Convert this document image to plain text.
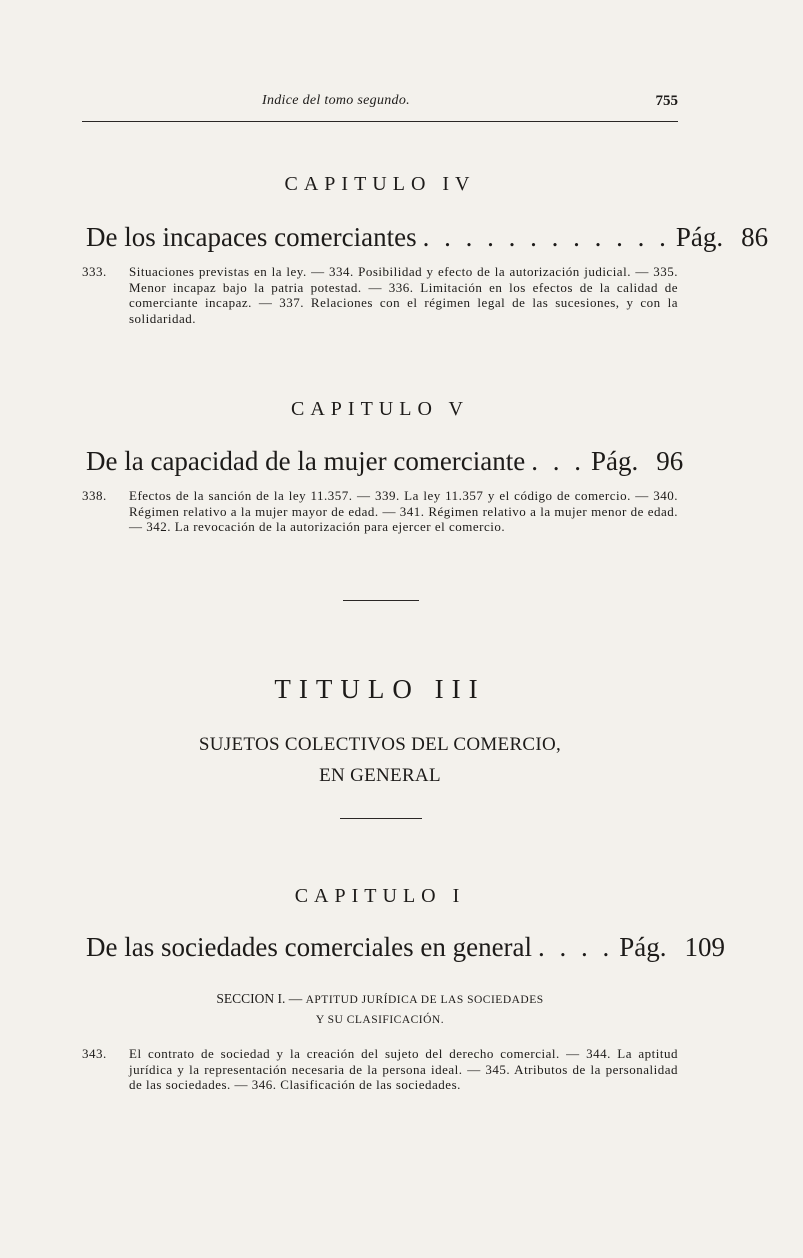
Indice del tomo segundo.	755
CAPITULO IV
De los incapaces comerciantes . . . . . . . . . . . . Pág. 86
333. Situaciones previstas en la ley. — 334. Posibilidad y efecto de la autorización judicial. — 335. Menor incapaz bajo la patria potestad. — 336. Limitación en los efectos de la calidad de comerciante incapaz. — 337. Relaciones con el régimen legal de las sucesiones, y con la solidaridad.
CAPITULO V
De la capacidad de la mujer comerciante . . . Pág. 96
338. Efectos de la sanción de la ley 11.357. — 339. La ley 11.357 y el código de comercio. — 340. Régimen relativo a la mujer mayor de edad. — 341. Régimen relativo a la mujer menor de edad. — 342. La revocación de la autorización para ejercer el comercio.
TITULO III
SUJETOS COLECTIVOS DEL COMERCIO,
EN GENERAL
CAPITULO I
De las sociedades comerciales en general . . . . Pág. 109
SECCION I. — APTITUD JURÍDICA DE LAS SOCIEDADES
Y SU CLASIFICACIÓN.
343. El contrato de sociedad y la creación del sujeto del derecho comercial. — 344. La aptitud jurídica y la representación necesaria de la persona ideal. — 345. Atributos de la personalidad de las sociedades. — 346. Clasificación de las sociedades.
